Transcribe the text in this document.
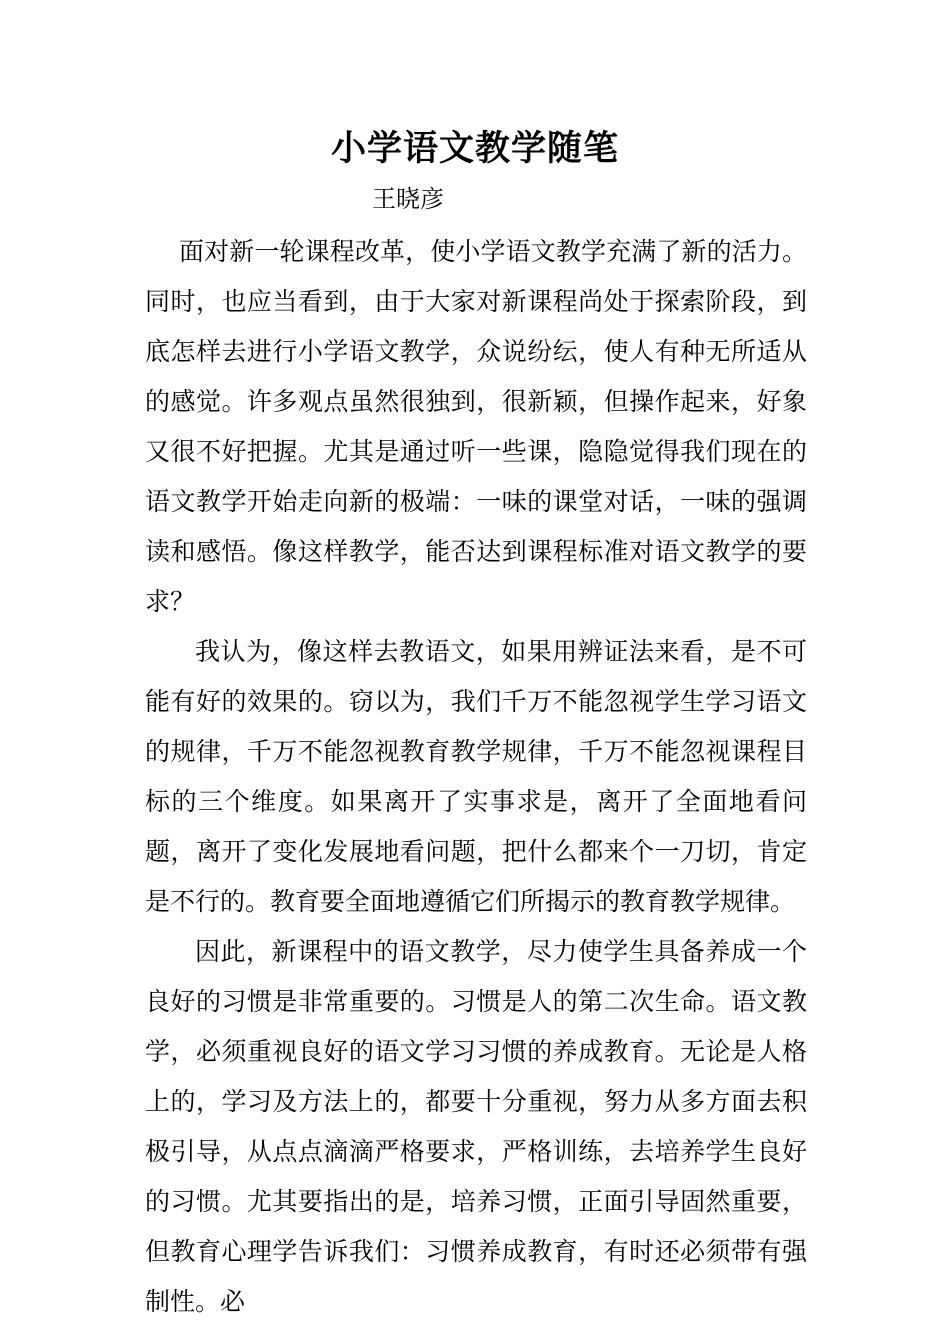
小学语文教学随笔
王晓彦

面对新一轮课程改革，使小学语文教学充满了新的活力。同时，也应当看到，由于大家对新课程尚处于探索阶段，到底怎样去进行小学语文教学，众说纷纭，使人有种无所适从的感觉。许多观点虽然很独到，很新颖，但操作起来，好象又很不好把握。尤其是通过听一些课，隐隐觉得我们现在的语文教学开始走向新的极端：一味的课堂对话，一味的强调读和感悟。像这样教学，能否达到课程标准对语文教学的要求？

我认为，像这样去教语文，如果用辨证法来看，是不可能有好的效果的。窃以为，我们千万不能忽视学生学习语文的规律，千万不能忽视教育教学规律，千万不能忽视课程目标的三个维度。如果离开了实事求是，离开了全面地看问题，离开了变化发展地看问题，把什么都来个一刀切，肯定是不行的。教育要全面地遵循它们所揭示的教育教学规律。

因此，新课程中的语文教学，尽力使学生具备养成一个良好的习惯是非常重要的。习惯是人的第二次生命。语文教学，必须重视良好的语文学习习惯的养成教育。无论是人格上的，学习及方法上的，都要十分重视，努力从多方面去积极引导，从点点滴滴严格要求，严格训练，去培养学生良好的习惯。尤其要指出的是，培养习惯，正面引导固然重要，但教育心理学告诉我们：习惯养成教育，有时还必须带有强制性。必
